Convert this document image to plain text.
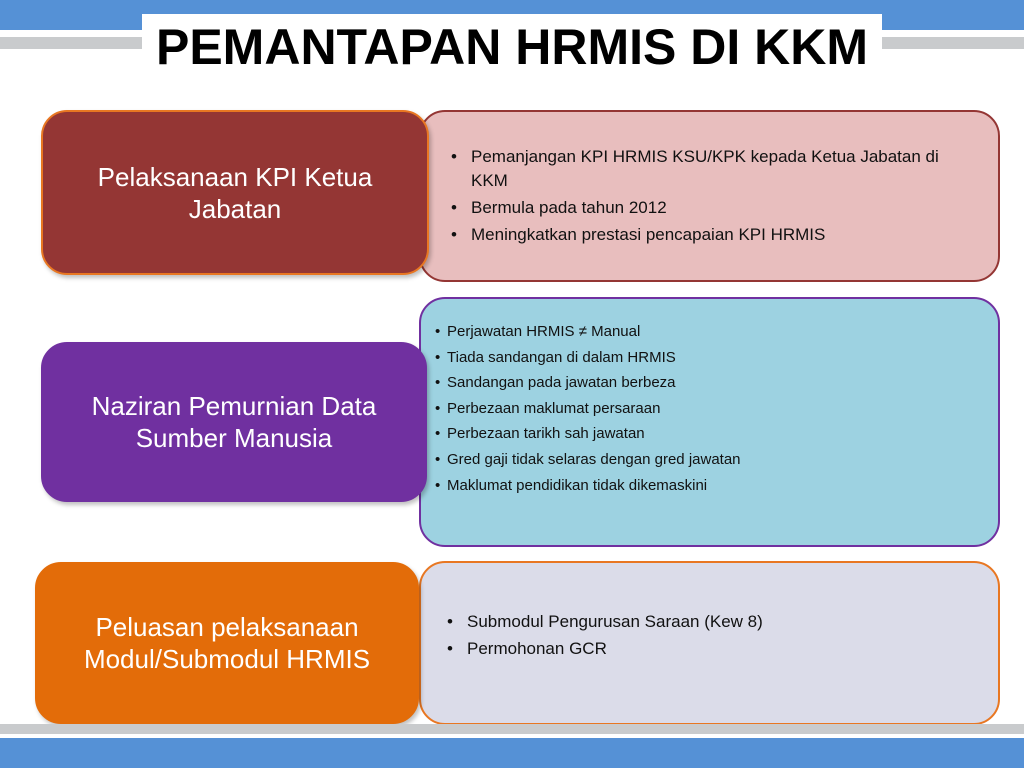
PEMANTAPAN HRMIS DI KKM
• Pemanjangan KPI HRMIS KSU/KPK kepada Ketua Jabatan di KKM
• Bermula pada tahun 2012
• Meningkatkan prestasi pencapaian KPI HRMIS
Pelaksanaan KPI Ketua Jabatan
• Perjawatan HRMIS ≠ Manual
• Tiada sandangan di dalam HRMIS
• Sandangan pada jawatan berbeza
• Perbezaan maklumat persaraan
• Perbezaan tarikh sah jawatan
• Gred gaji tidak selaras dengan gred jawatan
• Maklumat pendidikan tidak dikemaskini
Naziran Pemurnian Data Sumber Manusia
• Submodul Pengurusan Saraan (Kew 8)
• Permohonan GCR
Peluasan pelaksanaan Modul/Submodul HRMIS
